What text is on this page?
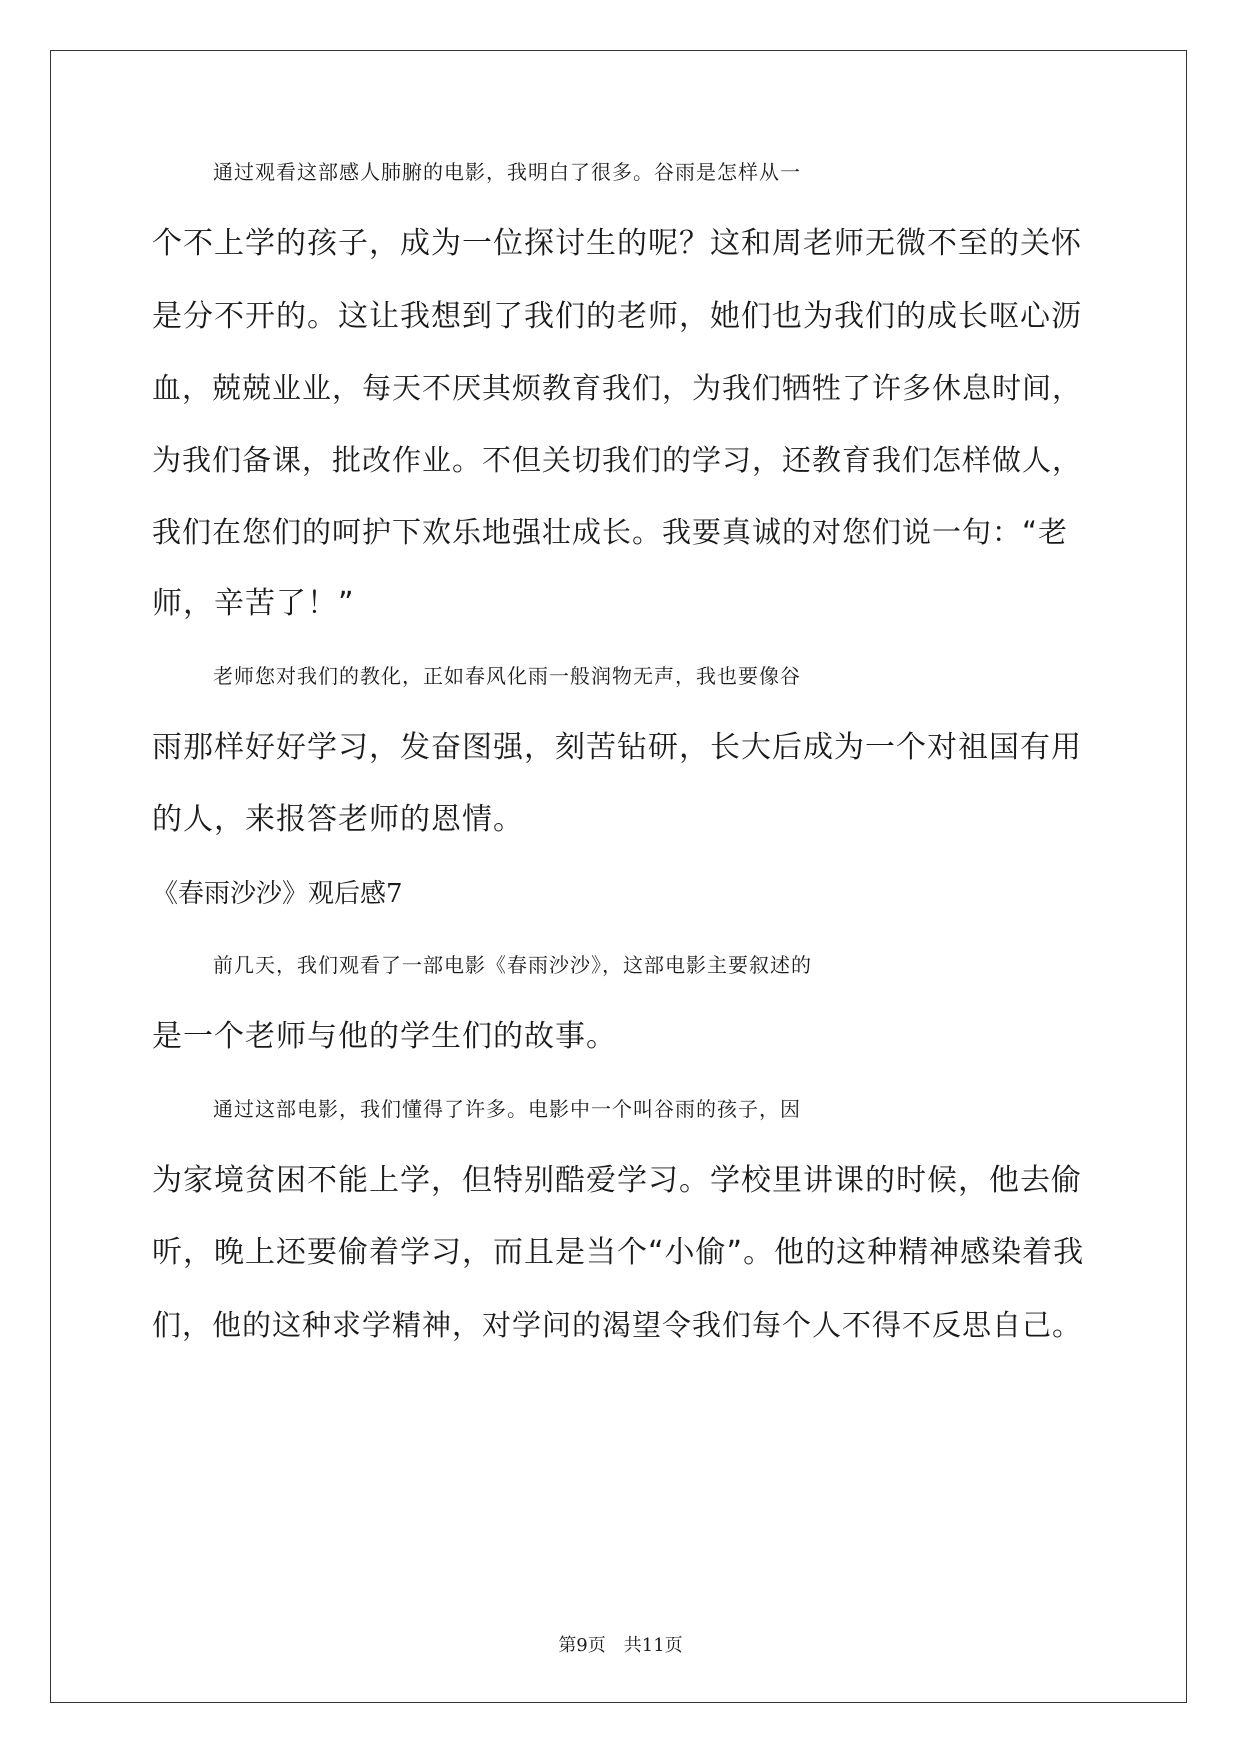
通过观看这部感人肺腑的电影，我明白了很多。谷雨是怎样从一
个不上学的孩子，成为一位探讨生的呢？这和周老师无微不至的关怀
是分不开的。这让我想到了我们的老师，她们也为我们的成长呕心沥
血，兢兢业业，每天不厌其烦教育我们，为我们牺牲了许多休息时间，
为我们备课，批改作业。不但关切我们的学习，还教育我们怎样做人，
我们在您们的呵护下欢乐地强壮成长。我要真诚的对您们说一句：“老
师，辛苦了！”
老师您对我们的教化，正如春风化雨一般润物无声，我也要像谷
雨那样好好学习，发奋图强，刻苦钻研，长大后成为一个对祖国有用
的人，来报答老师的恩情。
《春雨沙沙》观后感7
前几天，我们观看了一部电影《春雨沙沙》，这部电影主要叙述的
是一个老师与他的学生们的故事。
通过这部电影，我们懂得了许多。电影中一个叫谷雨的孩子，因
为家境贫困不能上学，但特别酷爱学习。学校里讲课的时候，他去偷
听，晚上还要偷着学习，而且是当个“小偷”。他的这种精神感染着我
们，他的这种求学精神，对学问的渴望令我们每个人不得不反思自己。
第9页　共11页
